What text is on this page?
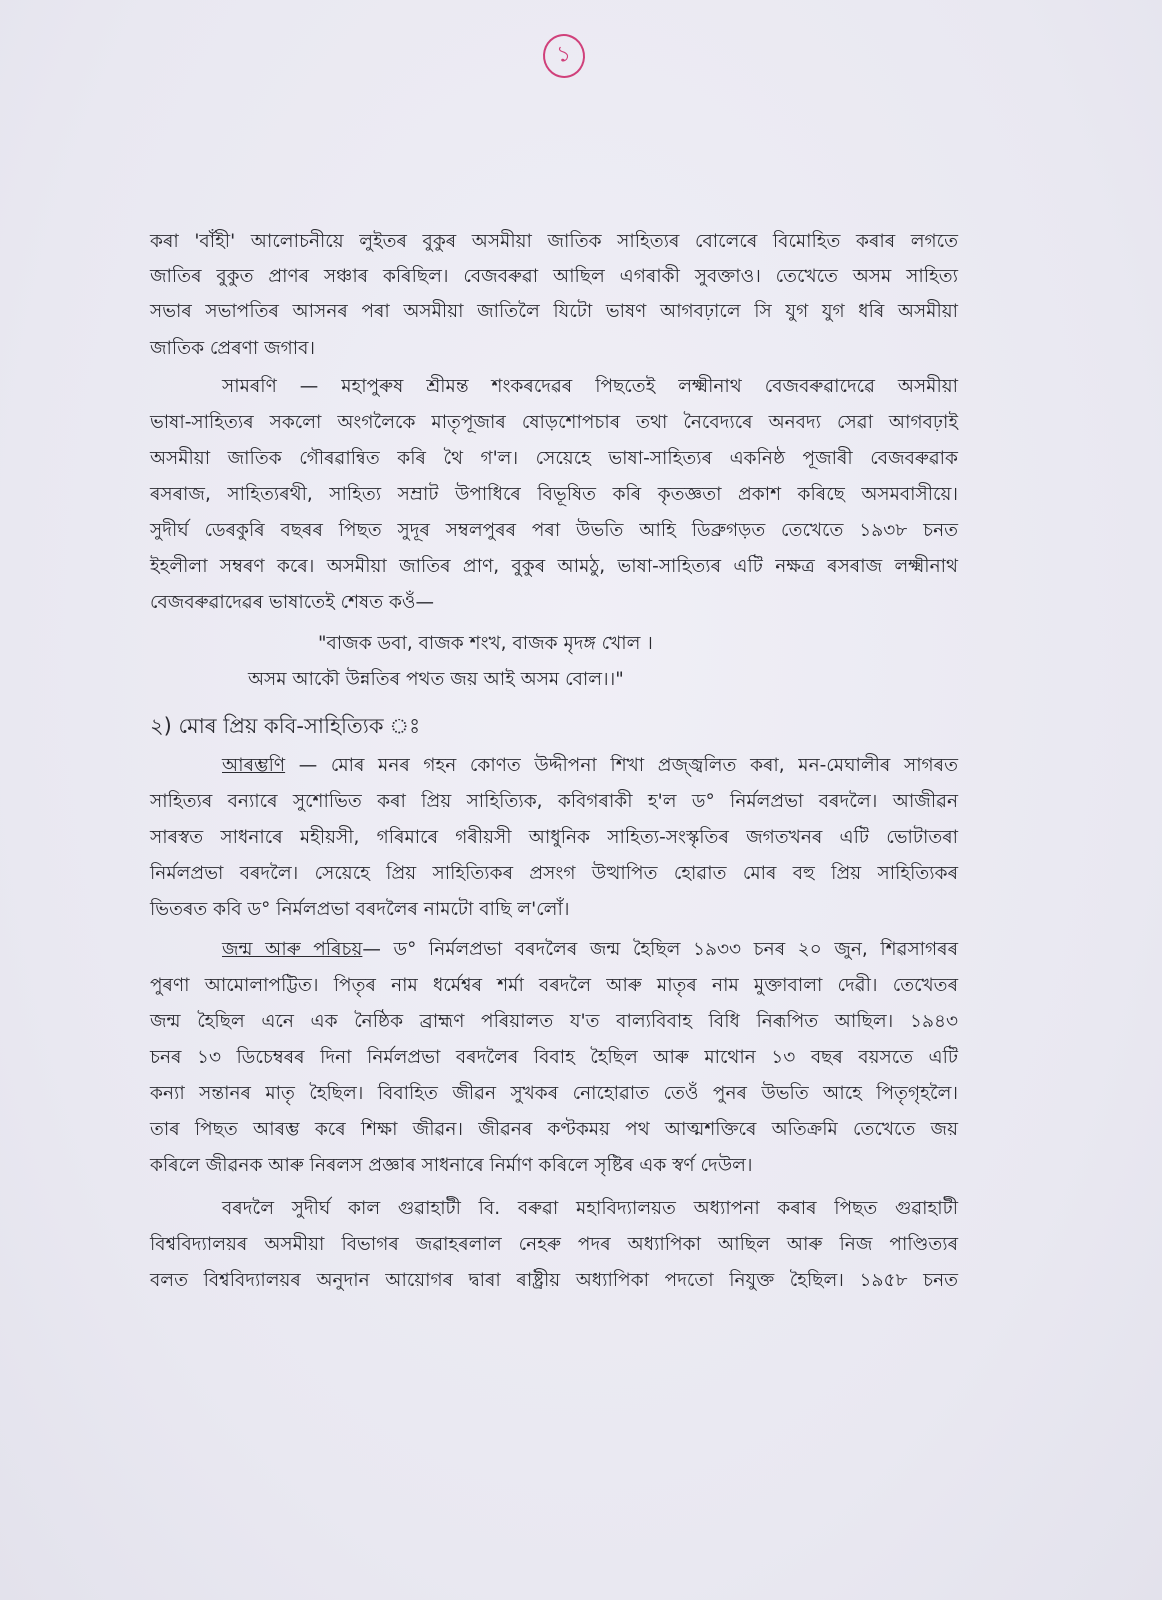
১
কৰা 'বাঁহী' আলোচনীয়ে লুইতৰ বুকুৰ অসমীয়া জাতিক সাহিত্যৰ বোলেৰে বিমোহিত কৰাৰ লগতে
জাতিৰ বুকুত প্ৰাণৰ সঞ্চাৰ কৰিছিল। বেজবৰুৱা আছিল এগৰাকী সুবক্তাও। তেখেতে অসম সাহিত্য
সভাৰ সভাপতিৰ আসনৰ পৰা অসমীয়া জাতিলৈ যিটো ভাষণ আগবঢ়ালে সি যুগ যুগ ধৰি অসমীয়া
জাতিক প্ৰেৰণা জগাব।
সামৰণি — মহাপুৰুষ শ্ৰীমন্ত শংকৰদেৱৰ পিছতেই লক্ষ্মীনাথ বেজবৰুৱাদেৱে অসমীয়া
ভাষা-সাহিত্যৰ সকলো অংগলৈকে মাতৃপূজাৰ ষোড়শোপচাৰ তথা নৈবেদ্যৰে অনবদ্য সেৱা আগবঢ়াই
অসমীয়া জাতিক গৌৰৱান্বিত কৰি থৈ গ'ল। সেয়েহে ভাষা-সাহিত্যৰ একনিষ্ঠ পূজাৰী বেজবৰুৱাক
ৰসৰাজ, সাহিত্যৰথী, সাহিত্য সম্ৰাট উপাধিৰে বিভূষিত কৰি কৃতজ্ঞতা প্ৰকাশ কৰিছে অসমবাসীয়ে।
সুদীৰ্ঘ ডেৰকুৰি বছৰৰ পিছত সুদূৰ সম্বলপুৰৰ পৰা উভতি আহি ডিব্ৰুগড়ত তেখেতে ১৯৩৮ চনত
ইহলীলা সম্বৰণ কৰে। অসমীয়া জাতিৰ প্ৰাণ, বুকুৰ আমঠু, ভাষা-সাহিত্যৰ এটি নক্ষত্ৰ ৰসৰাজ লক্ষ্মীনাথ
বেজবৰুৱাদেৱৰ ভাষাতেই শেষত কওঁ—
"বাজক ডবা, বাজক শংখ, বাজক মৃদঙ্গ খোল ।
অসম আকৌ উন্নতিৰ পথত জয় আই অসম বোল।।"
২) মোৰ প্ৰিয় কবি-সাহিত্যিক ঃ
আৰম্ভণি — মোৰ মনৰ গহন কোণত উদ্দীপনা শিখা প্ৰজ্জ্বলিত কৰা, মন-মেঘালীৰ সাগৰত
সাহিত্যৰ বন্যাৰে সুশোভিত কৰা প্ৰিয় সাহিত্যিক, কবিগৰাকী হ'ল ড° নিৰ্মলপ্ৰভা বৰদলৈ। আজীৱন
সাৰস্বত সাধনাৰে মহীয়সী, গৰিমাৰে গৰীয়সী আধুনিক সাহিত্য-সংস্কৃতিৰ জগতখনৰ এটি ভোটাতৰা
নিৰ্মলপ্ৰভা বৰদলৈ। সেয়েহে প্ৰিয় সাহিত্যিকৰ প্ৰসংগ উত্থাপিত হোৱাত মোৰ বহু প্ৰিয় সাহিত্যিকৰ
ভিতৰত কবি ড° নিৰ্মলপ্ৰভা বৰদলৈৰ নামটো বাছি ল'লোঁ।
জন্ম আৰু পৰিচয়— ড° নিৰ্মলপ্ৰভা বৰদলৈৰ জন্ম হৈছিল ১৯৩৩ চনৰ ২০ জুন, শিৱসাগৰৰ
পুৰণা আমোলাপট্টিত। পিতৃৰ নাম ধৰ্মেশ্বৰ শৰ্মা বৰদলৈ আৰু মাতৃৰ নাম মুক্তাবালা দেৱী। তেখেতৰ
জন্ম হৈছিল এনে এক নৈষ্ঠিক ব্ৰাহ্মণ পৰিয়ালত য'ত বাল্যবিবাহ বিধি নিৰূপিত আছিল। ১৯৪৩
চনৰ ১৩ ডিচেম্বৰৰ দিনা নিৰ্মলপ্ৰভা বৰদলৈৰ বিবাহ হৈছিল আৰু মাথোন ১৩ বছৰ বয়সতে এটি
কন্যা সন্তানৰ মাতৃ হৈছিল। বিবাহিত জীৱন সুখকৰ নোহোৱাত তেওঁ পুনৰ উভতি আহে পিতৃগৃহলৈ।
তাৰ পিছত আৰম্ভ কৰে শিক্ষা জীৱন। জীৱনৰ কণ্টকময় পথ আত্মশক্তিৰে অতিক্ৰমি তেখেতে জয়
কৰিলে জীৱনক আৰু নিৰলস প্ৰজ্ঞাৰ সাধনাৰে নিৰ্মাণ কৰিলে সৃষ্টিৰ এক স্বৰ্ণ দেউল।
বৰদলৈ সুদীৰ্ঘ কাল গুৱাহাটী বি. বৰুৱা মহাবিদ্যালয়ত অধ্যাপনা কৰাৰ পিছত গুৱাহাটী
বিশ্ববিদ্যালয়ৰ অসমীয়া বিভাগৰ জৱাহৰলাল নেহৰু পদৰ অধ্যাপিকা আছিল আৰু নিজ পাণ্ডিত্যৰ
বলত বিশ্ববিদ্যালয়ৰ অনুদান আয়োগৰ দ্বাৰা ৰাষ্ট্ৰীয় অধ্যাপিকা পদতো নিযুক্ত হৈছিল। ১৯৫৮ চনত
